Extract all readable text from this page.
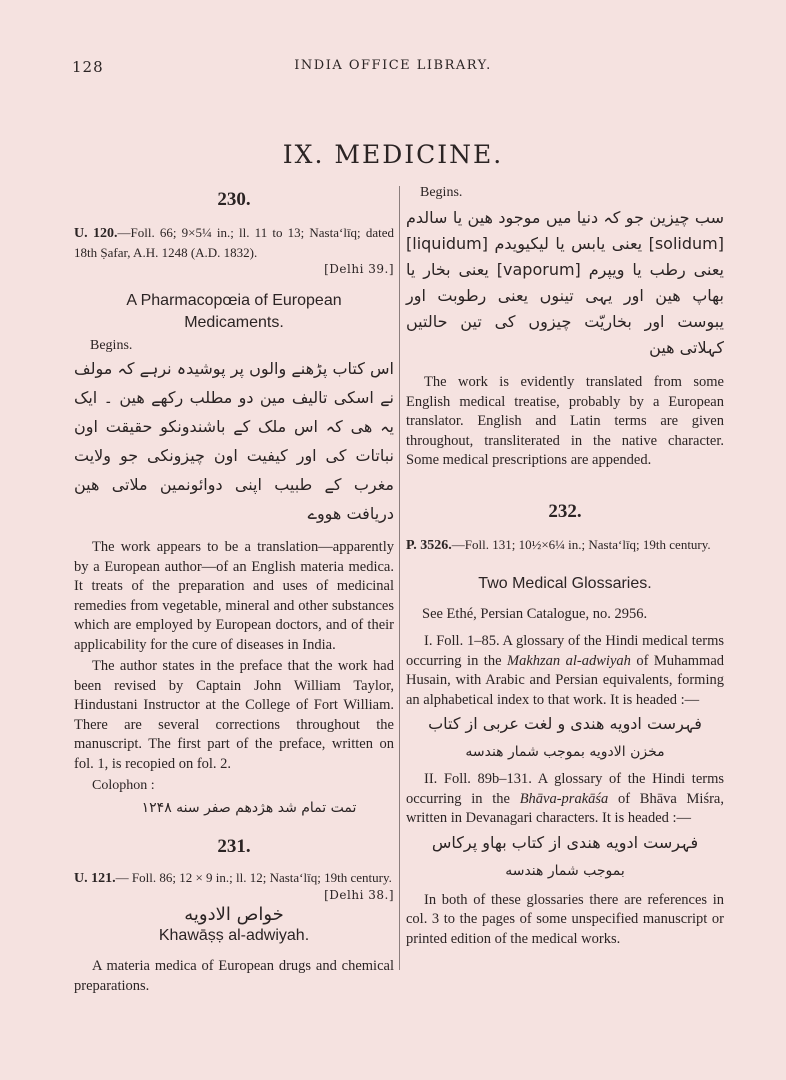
128	INDIA OFFICE LIBRARY.
IX. MEDICINE.

230.

U. 120.—Foll. 66; 9×5¼ in.; ll. 11 to 13; Nastaʻlīq; dated 18th Ṣafar, A.H. 1248 (A.D. 1832).

[Delhi 39.]

A Pharmacopœia of European

Medicaments.

Begins.

اس کتاب پڑھنے والوں پر پوشیدہ نرہے کہ مولف نے اسکی تالیف مین دو مطلب رکھے ھین ۔ ایک یہ ھی کہ اس ملک کے باشندونکو حقیقت اون نباتات کی اور کیفیت اون چیزونکی جو ولایت مغرب کے طبیب اپنی دوائونمین ملاتی ھین دریافت ھووے

The work appears to be a translation—apparently by a European author—of an English materia medica. It treats of the preparation and uses of medicinal remedies from vegetable, mineral and other substances which are employed by European doctors, and of their applicability for the cure of diseases in India.

The author states in the preface that the work had been revised by Captain John William Taylor, Hindustani Instructor at the College of Fort William. There are several corrections throughout the manuscript. The first part of the preface, written on fol. 1, is recopied on fol. 2.

Colophon :

تمت تمام شد ھژدھم صفر سنه ۱۲۴۸

231.

U. 121.— Foll. 86; 12 × 9 in.; ll. 12; Nastaʻlīq; 19th century.

[Delhi 38.]

خواص الادویه

Khawāṣṣ al-adwiyah.

A materia medica of European drugs and chemical preparations.

Begins.

سب چیزین جو کہ دنیا میں موجود ھین یا سالدم [solidum] یعنی یابس یا لیکیویدم [liquidum] یعنی رطب یا ویپرم [vaporum] یعنی بخار یا بھاپ ھین اور یہی تینوں یعنی رطوبت اور یبوست اور بخاریّت چیزوں کی تین حالتیں کہلاتی ھین

The work is evidently translated from some English medical treatise, probably by a European translator. English and Latin terms are given throughout, transliterated in the native character. Some medical prescriptions are appended.

232.

P. 3526.—Foll. 131; 10½×6¼ in.; Nastaʻlīq; 19th century.

Two Medical Glossaries.

See Ethé, Persian Catalogue, no. 2956.

I. Foll. 1–85. A glossary of the Hindi medical terms occurring in the Makhzan al-adwiyah of Muhammad Husain, with Arabic and Persian equivalents, forming an alphabetical index to that work. It is headed :—

فہرست ادویه هندی و لغت عربی از کتاب

مخزن الادویه بموجب شمار هندسه

II. Foll. 89b–131. A glossary of the Hindi terms occurring in the Bhāva-prakāśa of Bhāva Miśra, written in Devanagari characters. It is headed :—

فہرست ادویه هندی از کتاب بھاو پرکاس

بموجب شمار هندسه

In both of these glossaries there are references in col. 3 to the pages of some unspecified manuscript or printed edition of the medical works.
